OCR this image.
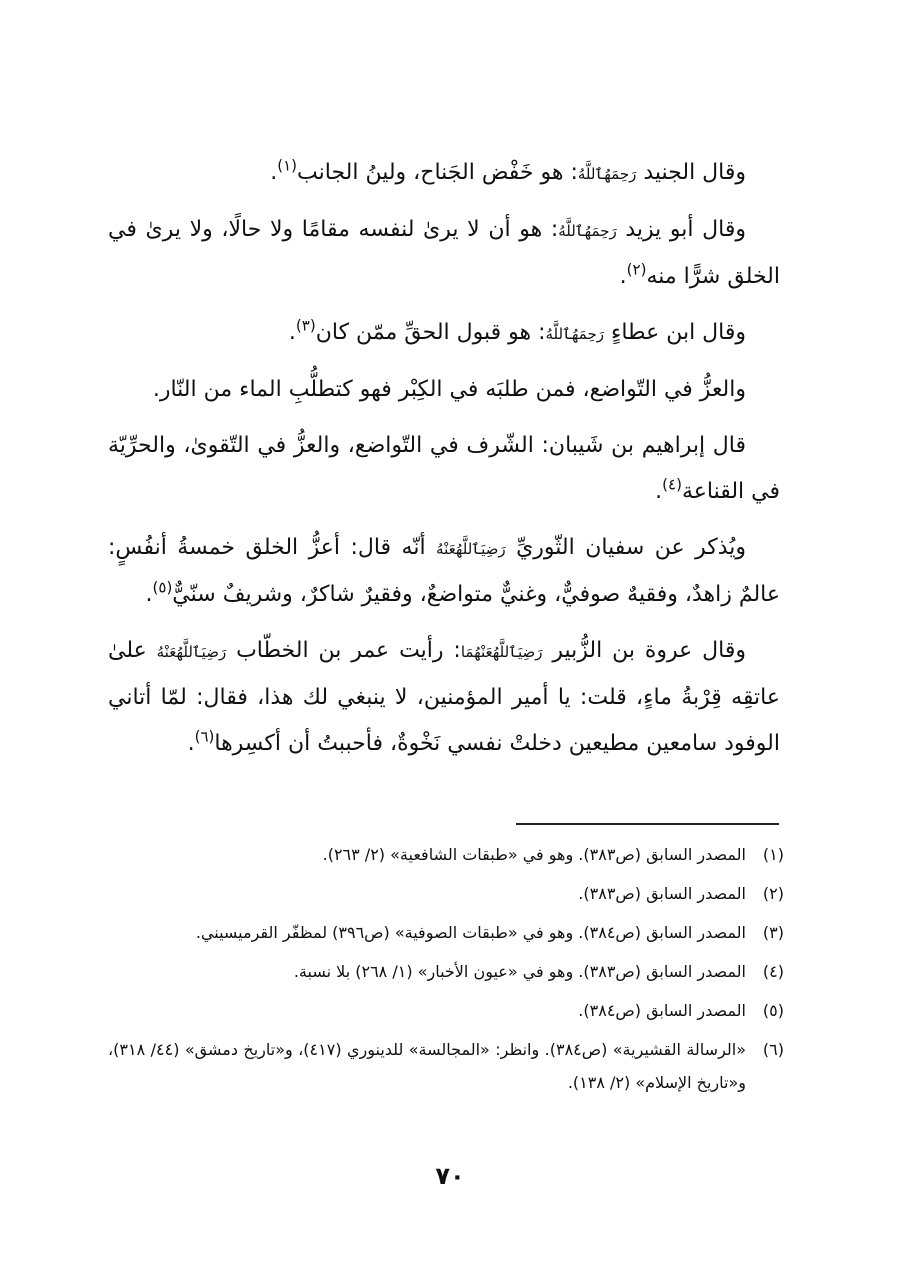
وقال الجنيد رَحِمَهُٱللَّهُ: هو خَفْض الجَناح، ولينُ الجانب$^{(١)}$.

وقال أبو يزيد رَحِمَهُٱللَّهُ: هو أن لا يرىٰ لنفسه مقامًا ولا حالًا، ولا يرىٰ في الخلق شرًّا منه$^{(٢)}$.

وقال ابن عطاءٍ رَحِمَهُٱللَّهُ: هو قبول الحقِّ ممّن كان$^{(٣)}$.

والعزُّ في التّواضع، فمن طلبَه في الكِبْر فهو كتطلُّبِ الماء من النّار.

قال إبراهيم بن شَيبان: الشّرف في التّواضع، والعزُّ في التّقوىٰ، والحرِّيّة في القناعة$^{(٤)}$.

ويُذكر عن سفيان الثّوريِّ رَضِيَٱللَّهُعَنْهُ أنّه قال: أعزُّ الخلق خمسةُ أنفُسٍ: عالمٌ زاهدٌ، وفقيهٌ صوفيٌّ، وغنيٌّ متواضعٌ، وفقيرٌ شاكرٌ، وشريفٌ سنّيٌّ$^{(٥)}$.

وقال عروة بن الزُّبير رَضِيَٱللَّهُعَنْهُمَا: رأيت عمر بن الخطّاب رَضِيَٱللَّهُعَنْهُ علىٰ عاتقِه قِرْبةُ ماءٍ، قلت: يا أمير المؤمنين، لا ينبغي لك هذا، فقال: لمّا أتاني الوفود سامعين مطيعين دخلتْ نفسي نَخْوةٌ، فأحببتُ أن أكسِرها$^{(٦)}$.

(١)
المصدر السابق (ص٣٨٣). وهو في «طبقات الشافعية» (٢/ ٢٦٣).
(٢)
المصدر السابق (ص٣٨٣).
(٣)
المصدر السابق (ص٣٨٤). وهو في «طبقات الصوفية» (ص٣٩٦) لمظفّر القرميسيني.
(٤)
المصدر السابق (ص٣٨٣). وهو في «عيون الأخبار» (١/ ٢٦٨) بلا نسبة.
(٥)
المصدر السابق (ص٣٨٤).
(٦)
«الرسالة القشيرية» (ص٣٨٤). وانظر: «المجالسة» للدينوري (٤١٧)، و«تاريخ دمشق» (٤٤/ ٣١٨)، و«تاريخ الإسلام» (٢/ ١٣٨).
٧٠
